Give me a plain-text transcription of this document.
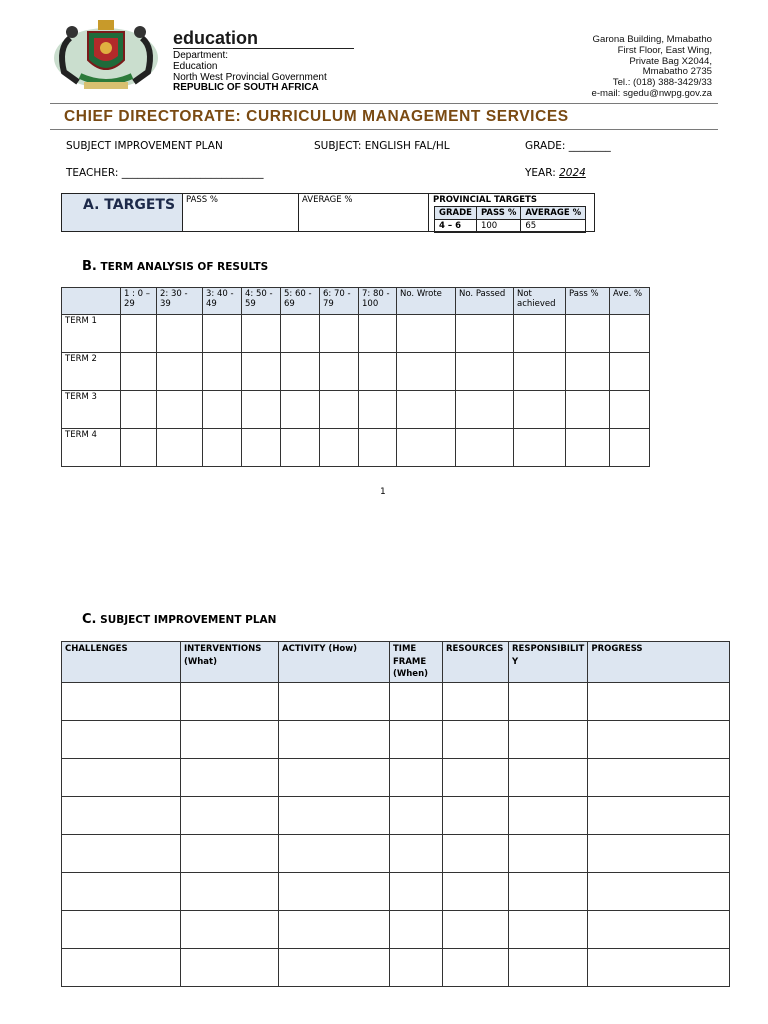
education
Department:
Education
North West Provincial Government
REPUBLIC OF SOUTH AFRICA
Garona Building, Mmabatho
First Floor, East Wing,
Private Bag X2044,
Mmabatho 2735
Tel.: (018) 388-3429/33
e-mail: sgedu@nwpg.gov.za
CHIEF DIRECTORATE: CURRICULUM MANAGEMENT SERVICES
SUBJECT IMPROVEMENT PLAN	SUBJECT: ENGLISH FAL/HL	GRADE: ________
TEACHER: ___________________________	YEAR: 2024
A. TARGETS	PASS %	AVERAGE %	PROVINCIAL TARGETS
GRADE	PASS %	AVERAGE %
4 – 6	100	65
B. TERM ANALYSIS OF RESULTS
	1 : 0 – 29	2: 30 - 39	3: 40 - 49	4: 50 - 59	5: 60 - 69	6: 70 - 79	7: 80 - 100	No. Wrote	No. Passed	Not achieved	Pass %	Ave. %
TERM 1												
TERM 2												
TERM 3												
TERM 4												
1
C. SUBJECT IMPROVEMENT PLAN
CHALLENGES	INTERVENTIONS (What)	ACTIVITY (How)	TIME FRAME (When)	RESOURCES	RESPONSIBILIT Y	PROGRESS
